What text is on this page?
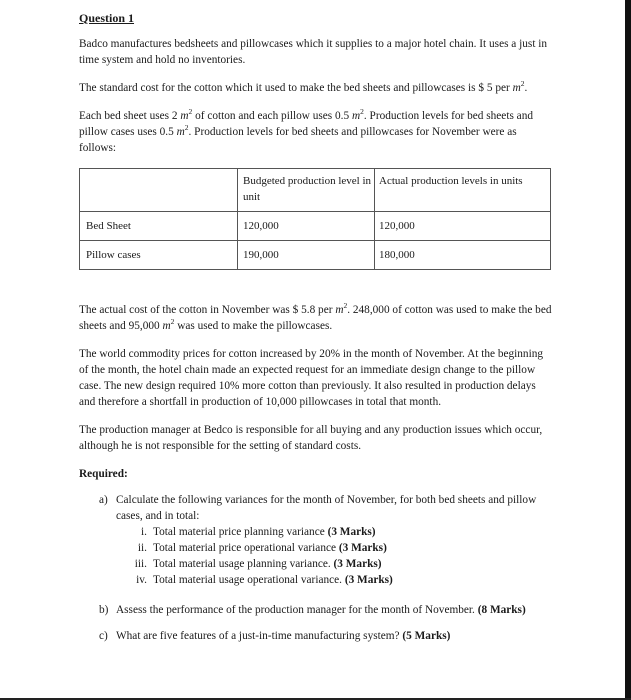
Question 1

Badco manufactures bedsheets and pillowcases which it supplies to a major hotel chain. It uses a just in time system and hold no inventories.

The standard cost for the cotton which it used to make the bed sheets and pillowcases is $ 5 per $m^2$.

Each bed sheet uses 2 $m^2$ of cotton and each pillow uses 0.5 $m^2$. Production levels for bed sheets and pillow cases uses 0.5 $m^2$. Production levels for bed sheets and pillowcases for November were as follows:

	Budgeted production level in unit	Actual production levels in units

Bed Sheet	120,000	120,000

Pillow cases	190,000	180,000

The actual cost of the cotton in November was $ 5.8 per $m^2$. 248,000 of cotton was used to make the bed sheets and 95,000 $m^2$ was used to make the pillowcases.

The world commodity prices for cotton increased by 20% in the month of November. At the beginning of the month, the hotel chain made an expected request for an immediate design change to the pillow case. The new design required 10% more cotton than previously. It also resulted in production delays and therefore a shortfall in production of 10,000 pillowcases in total that month.

The production manager at Bedco is responsible for all buying and any production issues which occur, although he is not responsible for the setting of standard costs.

Required:

a) Calculate the following variances for the month of November, for both bed sheets and pillow cases, and in total:

i. Total material price planning variance (3 Marks)
ii. Total material price operational variance (3 Marks)
iii. Total material usage planning variance. (3 Marks)
iv. Total material usage operational variance. (3 Marks)

b) Assess the performance of the production manager for the month of November. (8 Marks)

c) What are five features of a just-in-time manufacturing system? (5 Marks)
